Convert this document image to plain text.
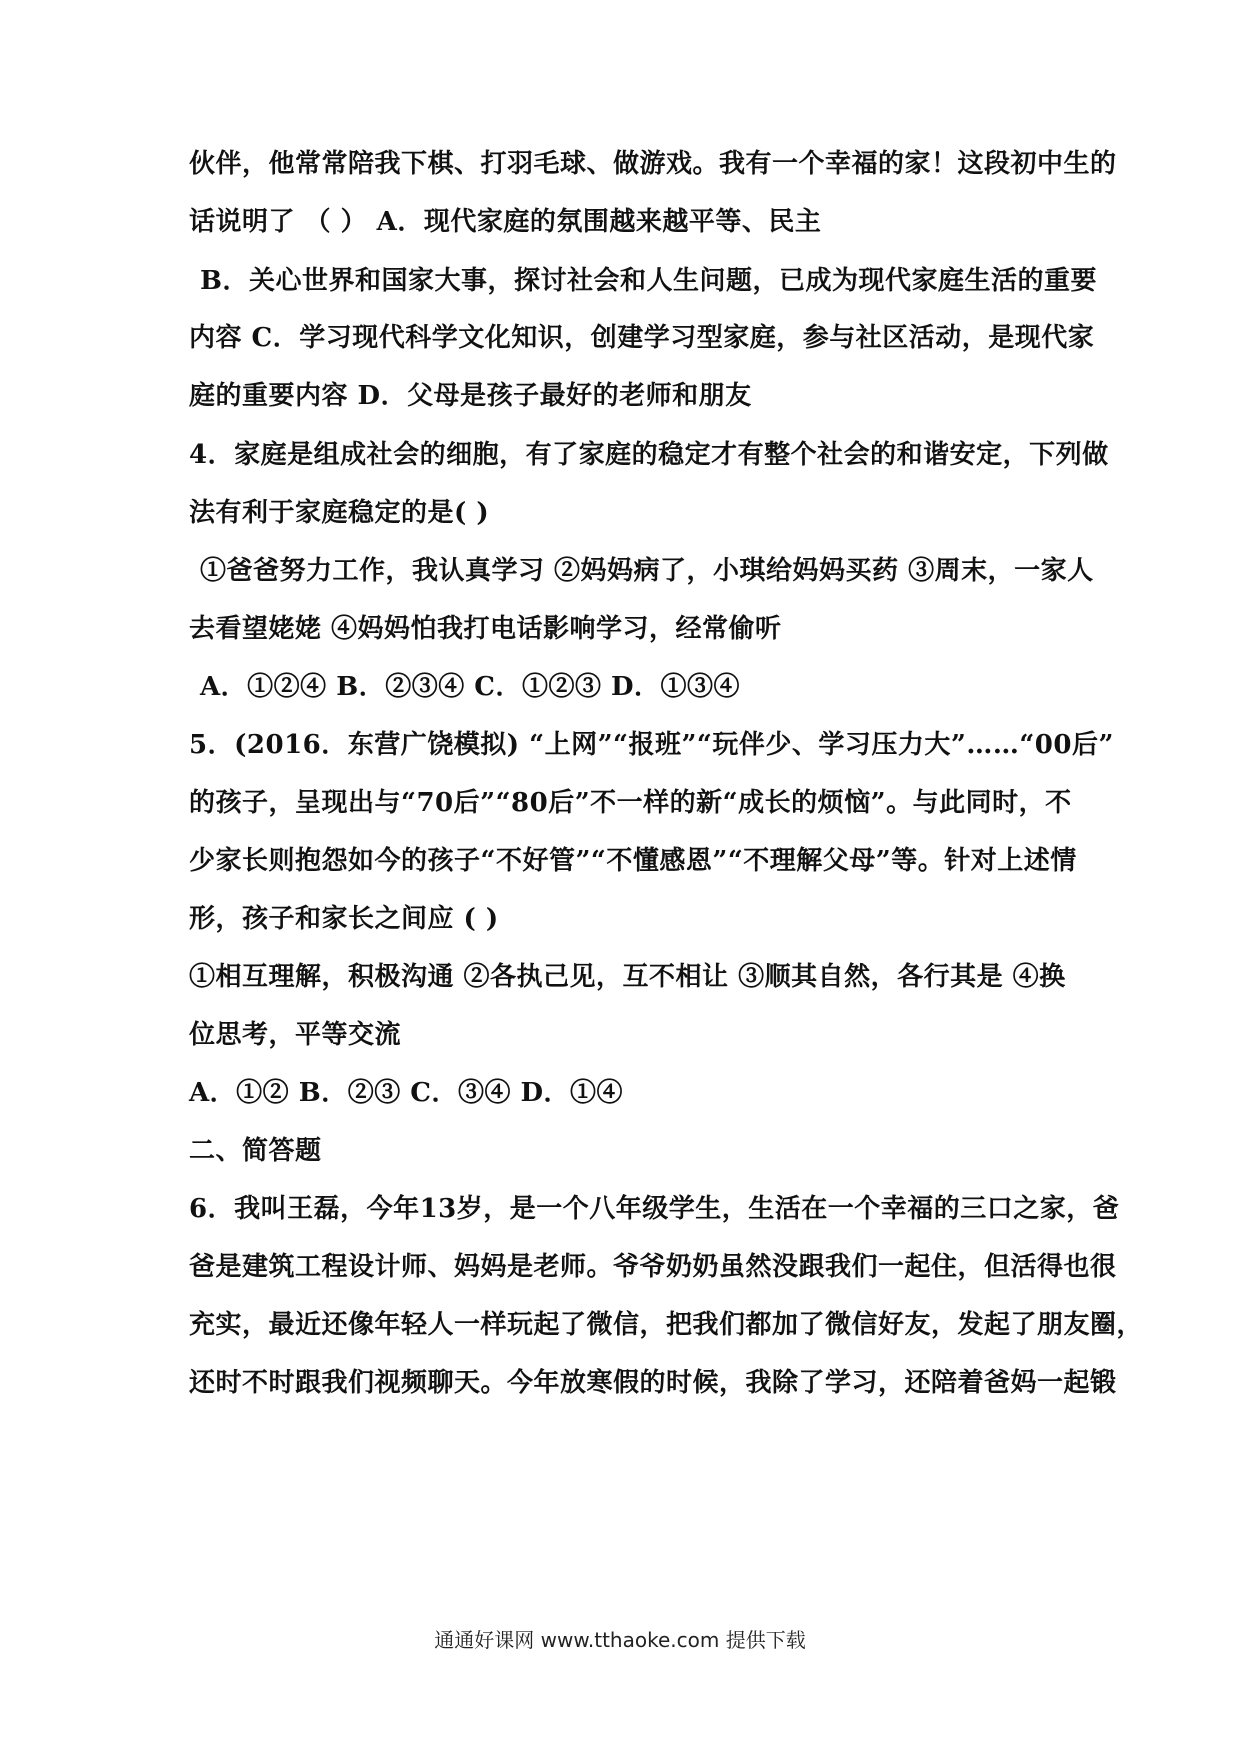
伙伴，他常常陪我下棋、打羽毛球、做游戏。我有一个幸福的家！这段初中生的
话说明了 （ ） A．现代家庭的氛围越来越平等、民主
B．关心世界和国家大事，探讨社会和人生问题，已成为现代家庭生活的重要
内容 C．学习现代科学文化知识，创建学习型家庭，参与社区活动，是现代家
庭的重要内容 D．父母是孩子最好的老师和朋友
4．家庭是组成社会的细胞，有了家庭的稳定才有整个社会的和谐安定，下列做
法有利于家庭稳定的是( )
①爸爸努力工作，我认真学习 ②妈妈病了，小琪给妈妈买药 ③周末，一家人
去看望姥姥 ④妈妈怕我打电话影响学习，经常偷听
A．①②④ B．②③④ C．①②③ D．①③④
5．(2016．东营广饶模拟) “上网”“报班”“玩伴少、学习压力大”……“00后”
的孩子，呈现出与“70后”“80后”不一样的新“成长的烦恼”。与此同时，不
少家长则抱怨如今的孩子“不好管”“不懂感恩”“不理解父母”等。针对上述情
形，孩子和家长之间应 ( )
①相互理解，积极沟通 ②各执己见，互不相让 ③顺其自然，各行其是 ④换
位思考，平等交流
A．①② B．②③ C．③④ D．①④
二、简答题
6．我叫王磊，今年13岁，是一个八年级学生，生活在一个幸福的三口之家，爸
爸是建筑工程设计师、妈妈是老师。爷爷奶奶虽然没跟我们一起住，但活得也很
充实，最近还像年轻人一样玩起了微信，把我们都加了微信好友，发起了朋友圈，
还时不时跟我们视频聊天。今年放寒假的时候，我除了学习，还陪着爸妈一起锻
通通好课网 www.tthaoke.com 提供下载
